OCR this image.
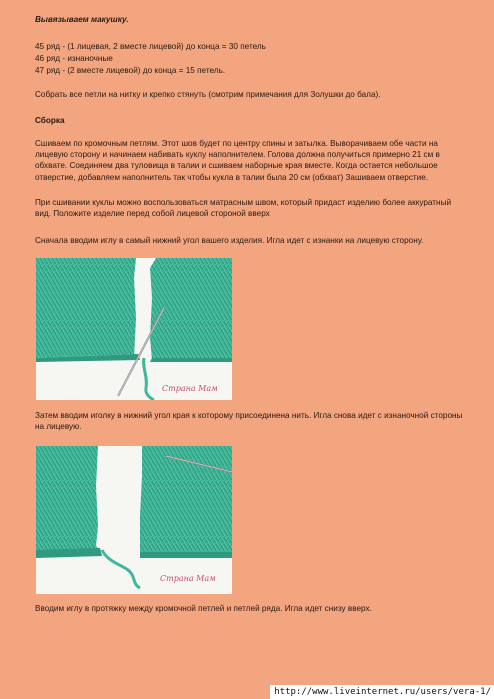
Вывязываем макушку.
45 ряд - (1 лицевая, 2 вместе лицевой) до конца = 30 петель
46 ряд - изнаночные
47 ряд - (2 вместе лицевой) до конца = 15 петель.
Собрать все петли на нитку и крепко стянуть (смотрим примечания для Золушки до бала).
Сборка
Сшиваем по кромочным петлям. Этот шов будет по центру спины и затылка. Выворачиваем обе части на лицевую сторону и начинаем набивать куклу наполнителем. Голова должна получиться примерно 21 см в обхвате. Соединяем два туловища в талии и сшиваем наборные края вместе. Когда остается небольшое отверстие, добавляем наполнитель так чтобы кукла в талии была 20 см (обхват) Зашиваем отверстие.
При сшивании куклы можно воспользоваться матрасным швом, который придаст изделию более аккуратный вид. Положите изделие перед собой лицевой стороной вверх
Сначала вводим иглу в самый нижний угол вашего изделия. Игла идет с изнанки на лицевую сторону.
Страна Мам
Затем вводим иголку в нижний угол края к которому присоединена нить. Игла снова идет с изнаночной стороны на лицевую.
Страна Мам
Вводим иглу в протяжку между кромочной петлей и петлей ряда. Игла идет снизу вверх.
http://www.liveinternet.ru/users/vera-1/
